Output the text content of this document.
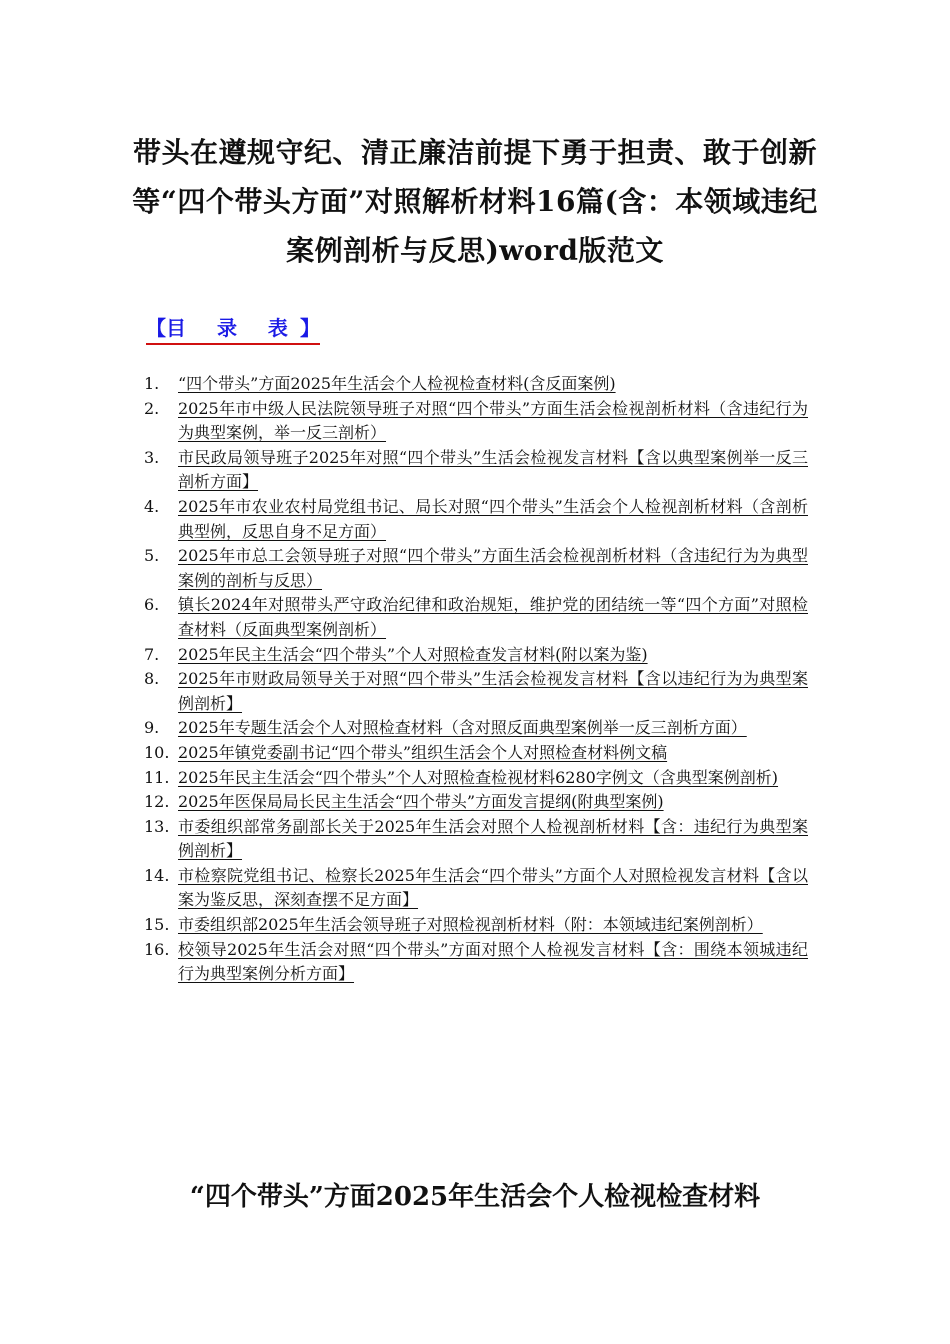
带头在遵规守纪、清正廉洁前提下勇于担责、敢于创新等“四个带头方面”对照解析材料16篇(含：本领域违纪案例剖析与反思)word版范文
【目 录 表】
1.	“四个带头”方面2025年生活会个人检视检查材料(含反面案例)
2.	2025年市中级人民法院领导班子对照“四个带头”方面生活会检视剖析材料（含违纪行为为典型案例，举一反三剖析）
3.	市民政局领导班子2025年对照“四个带头”生活会检视发言材料【含以典型案例举一反三剖析方面】
4.	2025年市农业农村局党组书记、局长对照“四个带头”生活会个人检视剖析材料（含剖析典型例，反思自身不足方面）
5.	2025年市总工会领导班子对照“四个带头”方面生活会检视剖析材料（含违纪行为为典型案例的剖析与反思）
6.	镇长2024年对照带头严守政治纪律和政治规矩，维护党的团结统一等“四个方面”对照检查材料（反面典型案例剖析）
7.	2025年民主生活会“四个带头”个人对照检查发言材料(附以案为鉴)
8.	2025年市财政局领导关于对照“四个带头”生活会检视发言材料【含以违纪行为为典型案例剖析】
9.	2025年专题生活会个人对照检查材料（含对照反面典型案例举一反三剖析方面）
10. 2025年镇党委副书记“四个带头”组织生活会个人对照检查材料例文稿
11. 2025年民主生活会“四个带头”个人对照检查检视材料6280字例文（含典型案例剖析)
12. 2025年医保局局长民主生活会“四个带头”方面发言提纲(附典型案例)
13. 市委组织部常务副部长关于2025年生活会对照个人检视剖析材料【含：违纪行为典型案例剖析】
14. 市检察院党组书记、检察长2025年生活会“四个带头”方面个人对照检视发言材料【含以案为鉴反思，深刻查摆不足方面】
15. 市委组织部2025年生活会领导班子对照检视剖析材料（附：本领域违纪案例剖析）
16. 校领导2025年生活会对照“四个带头”方面对照个人检视发言材料【含：围绕本领城违纪行为典型案例分析方面】
“四个带头”方面2025年生活会个人检视检查材料
